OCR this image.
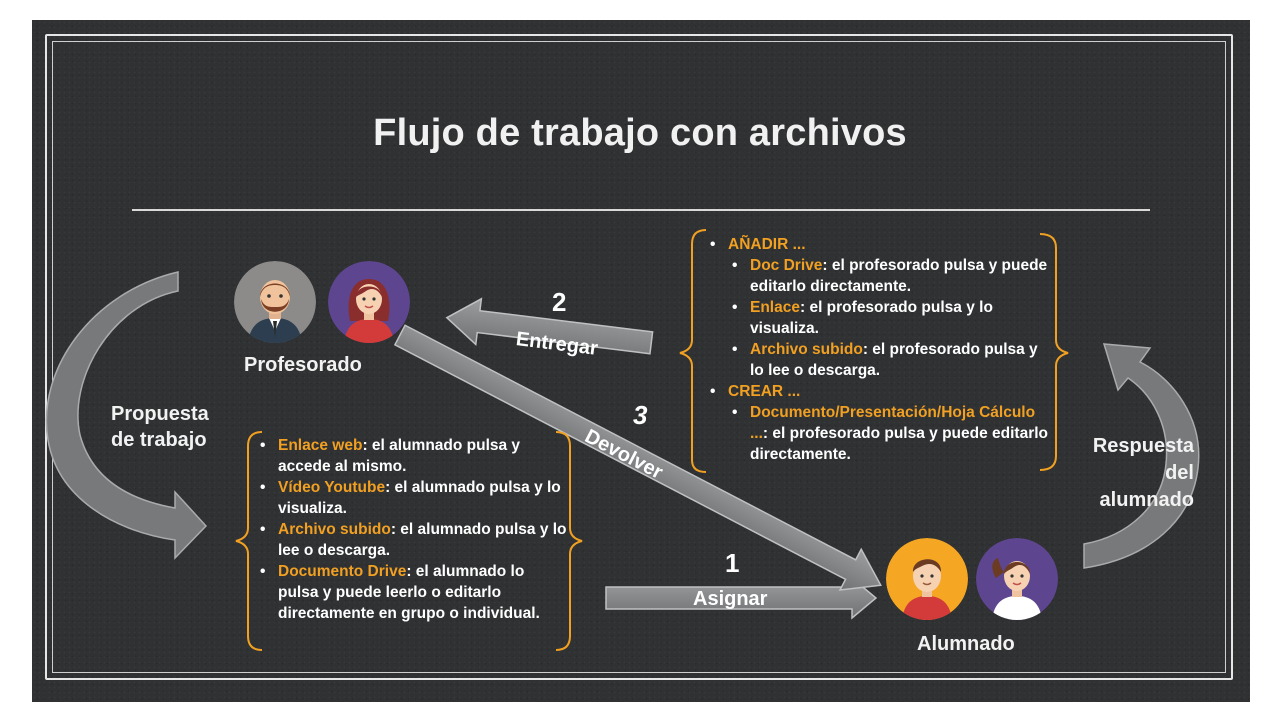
Flujo de trabajo con archivos
Profesorado
Alumnado
Propuesta
de trabajo	Respuesta
del
alumnado
1
Asignar
2
Entregar
3
Devolver
• Enlace web: el alumnado pulsa y accede al mismo.
• Vídeo Youtube: el alumnado pulsa y lo visualiza.
• Archivo subido: el alumnado pulsa y lo lee o descarga.
• Documento Drive: el alumnado lo pulsa y puede leerlo o editarlo directamente en grupo o individual.
• AÑADIR ...
• Doc Drive: el profesorado pulsa y puede editarlo directamente.
• Enlace: el profesorado pulsa y lo visualiza.
• Archivo subido: el profesorado pulsa y lo lee o descarga.
• CREAR ...
• Documento/Presentación/Hoja Cálculo ...: el profesorado pulsa y puede editarlo directamente.
